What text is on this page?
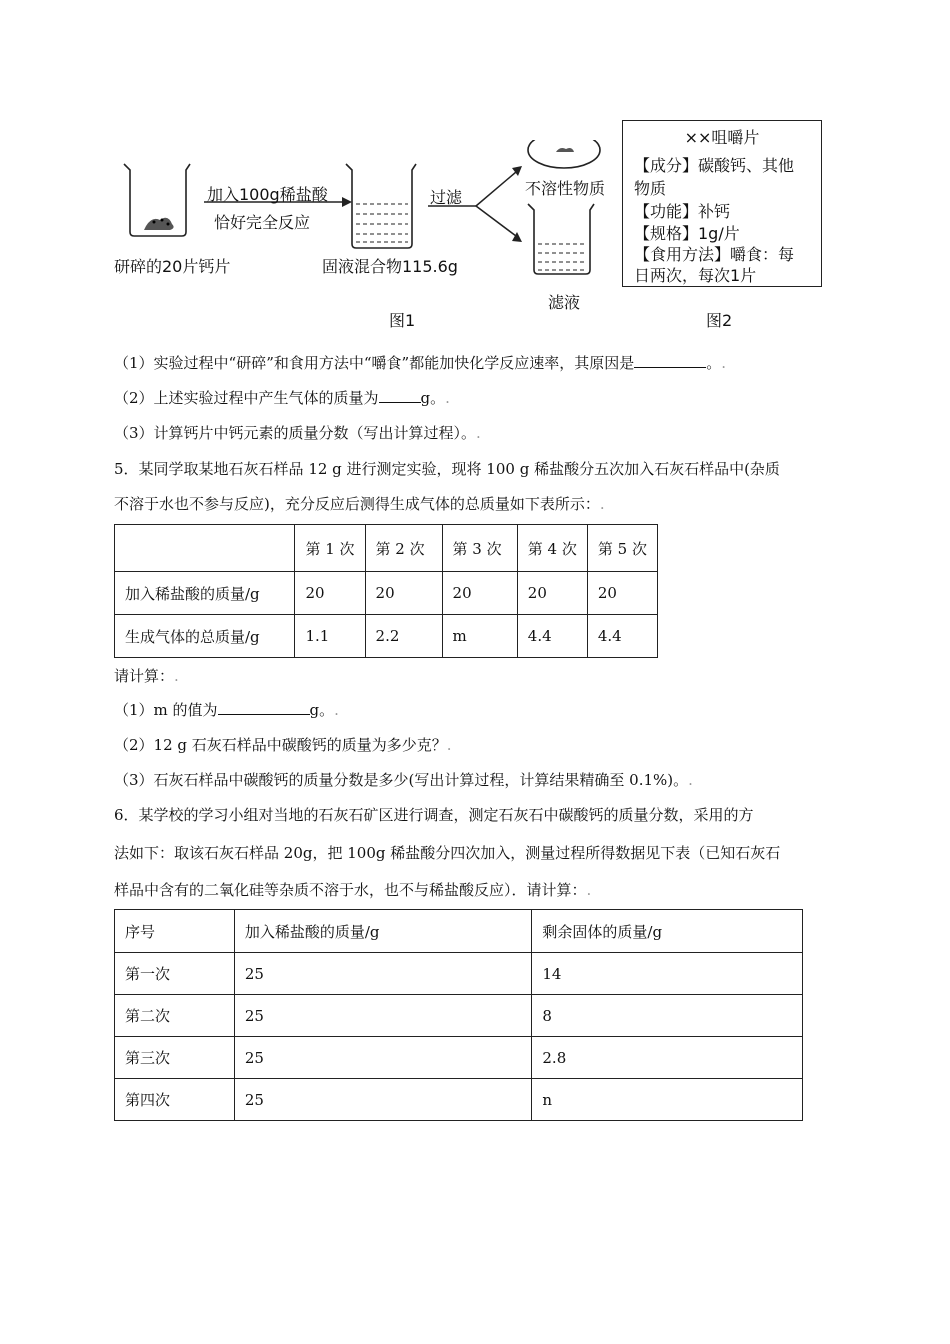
研碎的20片钙片
加入100g稀盐酸
恰好完全反应
固液混合物115.6g
过滤	不溶性物质
滤液
图1
××咀嚼片
【成分】碳酸钙、其他
物质
【功能】补钙
【规格】1g/片
【食用方法】嚼食：每
日两次，每次1片
图2
（1）实验过程中“研碎”和食用方法中“嚼食”都能加快化学反应速率，其原因是	。.
（2）上述实验过程中产生气体的质量为	g。.
（3）计算钙片中钙元素的质量分数（写出计算过程）。.
5．某同学取某地石灰石样品 12 g 进行测定实验，现将 100 g 稀盐酸分五次加入石灰石样品中(杂质
不溶于水也不参与反应)，充分反应后测得生成气体的总质量如下表所示：.
	第 1 次	第 2 次	第 3 次	第 4 次	第 5 次
加入稀盐酸的质量/g	20	20	20	20	20
生成气体的总质量/g	1.1	2.2	m	4.4	4.4
请计算：.
（1）m 的值为	g。.
（2）12 g 石灰石样品中碳酸钙的质量为多少克？.
（3）石灰石样品中碳酸钙的质量分数是多少(写出计算过程，计算结果精确至 0.1%)。.
6．某学校的学习小组对当地的石灰石矿区进行调查，测定石灰石中碳酸钙的质量分数，采用的方
法如下：取该石灰石样品 20g，把 100g 稀盐酸分四次加入，测量过程所得数据见下表（已知石灰石
样品中含有的二氧化硅等杂质不溶于水，也不与稀盐酸反应）．请计算：.
序号	加入稀盐酸的质量/g	剩余固体的质量/g
第一次	25	14
第二次	25	8
第三次	25	2.8
第四次	25	n
